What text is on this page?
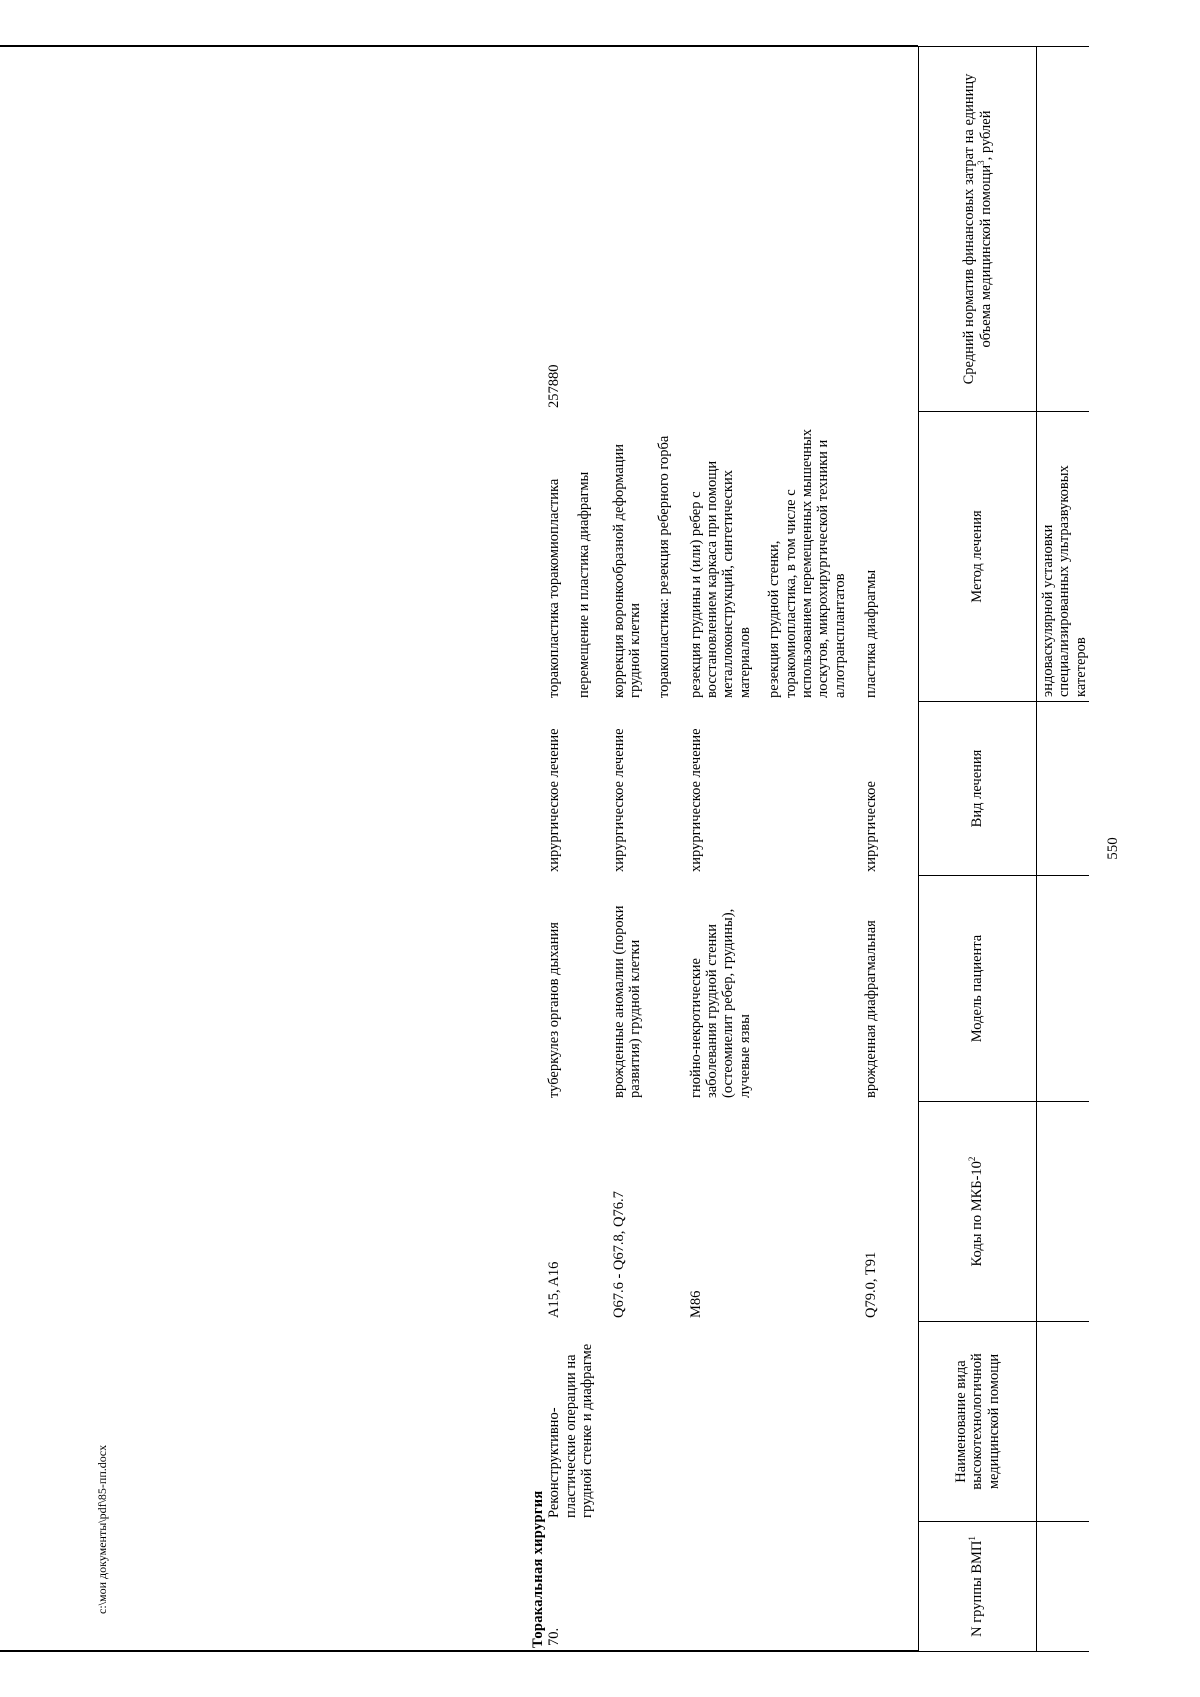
550
N группы ВМП$^1$	Наименование вида высокотехнологичной медицинской помощи	Коды по МКБ-$10^2$	Модель пациента	Вид лечения	Метод лечения	Средний норматив финансовых затрат на единицу объема медицинской помощи$^3$, рублей
					эндоваскулярной установки специализированных ультразвуковых катетеров	

Торакальная хирургия						
70.	Реконструктивно-пластические операции на грудной стенке и диафрагме	A15, A16	туберкулез органов дыхания	хирургическое лечение	торакопластика торакомиопластика перемещение и пластика диафрагмы	257880
		Q67.6 - Q67.8, Q76.7	врожденные аномалии (пороки развития) грудной клетки	хирургическое лечение	коррекция воронкообразной деформации грудной клетки торакопластика: резекция реберного горба	

		M86	гнойно-некротические заболевания грудной стенки (остеомиелит ребер, грудины), лучевые язвы	хирургическое лечение	резекция грудины и (или) ребер с восстановлением каркаса при помощи металлоконструкций, синтетических материалов резекция грудной стенки, торакомиопластика, в том числе с использованием перемещенных мышечных лоскутов, микрохирургической техники и аллотрансплантатов	

		Q79.0, T91	врожденная диафрагмальная	хирургическое	пластика диафрагмы	

c:\мои документы\pdf\85-пп.docx
